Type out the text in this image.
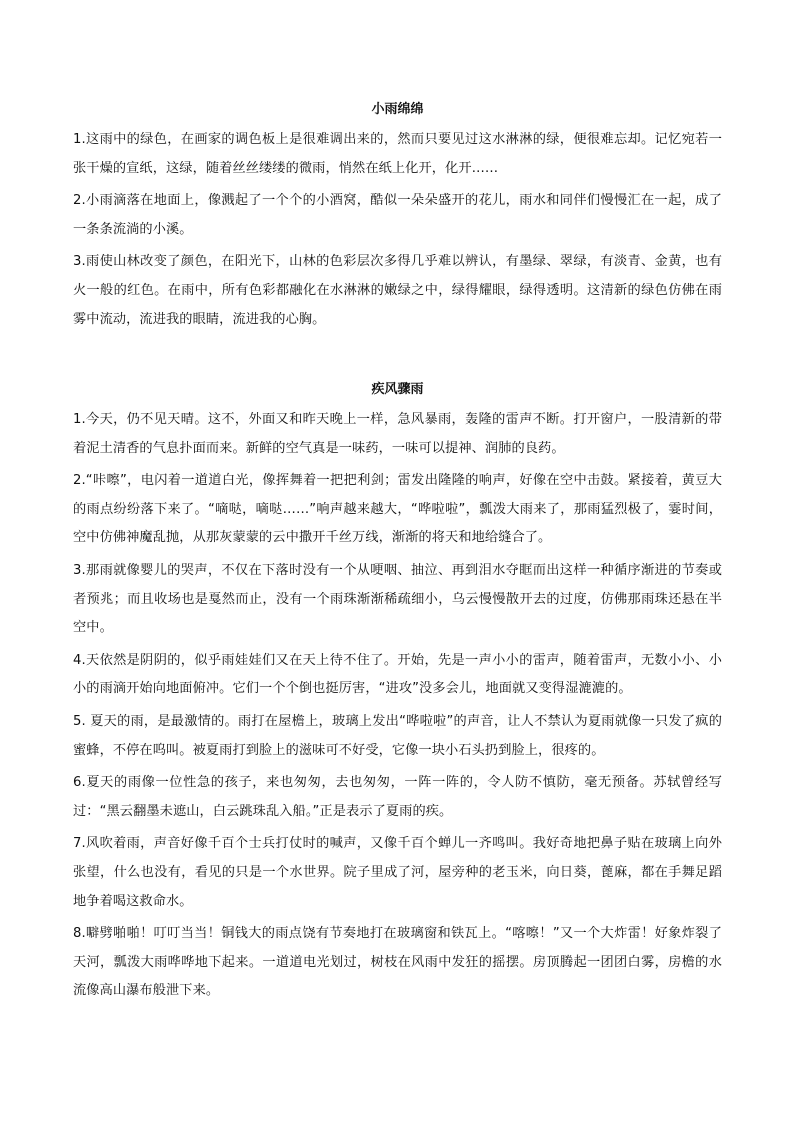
小雨绵绵

1.这雨中的绿色，在画家的调色板上是很难调出来的，然而只要见过这水淋淋的绿，便很难忘却。记忆宛若一张干燥的宣纸，这绿，随着丝丝缕缕的微雨，悄然在纸上化开，化开……

2.小雨滴落在地面上，像溅起了一个个的小酒窝，酷似一朵朵盛开的花儿，雨水和同伴们慢慢汇在一起，成了一条条流淌的小溪。

3.雨使山林改变了颜色，在阳光下，山林的色彩层次多得几乎难以辨认，有墨绿、翠绿，有淡青、金黄，也有火一般的红色。在雨中，所有色彩都融化在水淋淋的嫩绿之中，绿得耀眼，绿得透明。这清新的绿色仿佛在雨雾中流动，流进我的眼睛，流进我的心胸。

疾风骤雨

1.今天，仍不见天晴。这不，外面又和昨天晚上一样，急风暴雨，轰隆的雷声不断。打开窗户，一股清新的带着泥土清香的气息扑面而来。新鲜的空气真是一味药，一味可以提神、润肺的良药。

2.“咔嚓”，电闪着一道道白光，像挥舞着一把把利剑；雷发出隆隆的响声，好像在空中击鼓。紧接着，黄豆大的雨点纷纷落下来了。“嘀哒，嘀哒……”响声越来越大，“哗啦啦”，瓢泼大雨来了，那雨猛烈极了，霎时间，空中仿佛神魔乱抛，从那灰蒙蒙的云中撒开千丝万线，渐渐的将天和地给缝合了。

3.那雨就像婴儿的哭声，不仅在下落时没有一个从哽咽、抽泣、再到泪水夺眶而出这样一种循序渐进的节奏或者预兆；而且收场也是戛然而止，没有一个雨珠渐渐稀疏细小，乌云慢慢散开去的过度，仿佛那雨珠还悬在半空中。

4.天依然是阴阴的，似乎雨娃娃们又在天上待不住了。开始，先是一声小小的雷声，随着雷声，无数小小、小小的雨滴开始向地面俯冲。它们一个个倒也挺厉害，“进攻”没多会儿，地面就又变得湿漉漉的。

5. 夏天的雨，是最激情的。雨打在屋檐上，玻璃上发出“哗啦啦”的声音，让人不禁认为夏雨就像一只发了疯的蜜蜂，不停在呜叫。被夏雨打到脸上的滋味可不好受，它像一块小石头扔到脸上，很疼的。

6.夏天的雨像一位性急的孩子，来也匆匆，去也匆匆，一阵一阵的，令人防不慎防，毫无预备。苏轼曾经写过：“黑云翻墨未遮山，白云跳珠乱入船。”正是表示了夏雨的疾。

7.风吹着雨，声音好像千百个士兵打仗时的喊声，又像千百个蝉儿一齐鸣叫。我好奇地把鼻子贴在玻璃上向外张望，什么也没有，看见的只是一个水世界。院子里成了河，屋旁种的老玉米，向日葵，蓖麻，都在手舞足蹈地争着喝这救命水。

8.噼劈啪啪！叮叮当当！铜钱大的雨点饶有节奏地打在玻璃窗和铁瓦上。“喀嚓！”又一个大炸雷！好象炸裂了天河，瓢泼大雨哗哗地下起来。一道道电光划过，树枝在风雨中发狂的摇摆。房顶腾起一团团白雾，房檐的水流像高山瀑布般泄下来。
